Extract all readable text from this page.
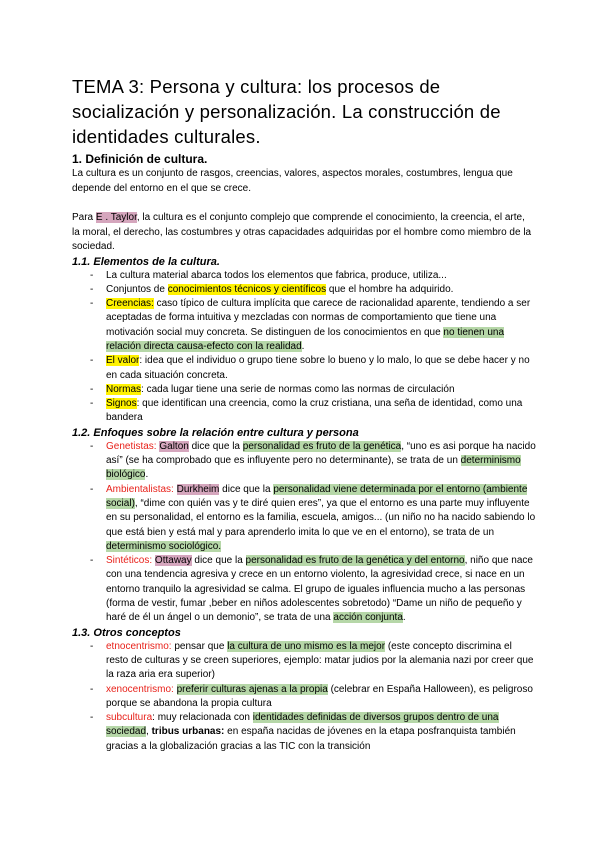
TEMA 3: Persona y cultura: los procesos de socialización y personalización. La construcción de identidades culturales.
1. Definición de cultura.

La cultura es un conjunto de rasgos, creencias, valores, aspectos morales, costumbres, lengua que depende del entorno en el que se crece.

Para E . Taylor, la cultura es el conjunto complejo que comprende el conocimiento, la creencia, el arte, la moral, el derecho, las costumbres y otras capacidades adquiridas por el hombre como miembro de la sociedad.

1.1. Elementos de la cultura.
- La cultura material abarca todos los elementos que fabrica, produce, utiliza...
- Conjuntos de conocimientos técnicos y científicos que el hombre ha adquirido.
- Creencias: caso típico de cultura implícita que carece de racionalidad aparente, tendiendo a ser aceptadas de forma intuitiva y mezcladas con normas de comportamiento que tiene una motivación social muy concreta. Se distinguen de los conocimientos en que no tienen una relación directa causa-efecto con la realidad.
- El valor: idea que el individuo o grupo tiene sobre lo bueno y lo malo, lo que se debe hacer y no en cada situación concreta.
- Normas: cada lugar tiene una serie de normas como las normas de circulación
- Signos: que identifican una creencia, como la cruz cristiana, una seña de identidad, como una bandera
1.2. Enfoques sobre la relación entre cultura y persona
- Genetistas: Galton dice que la personalidad es fruto de la genética, “uno es asi porque ha nacido así” (se ha comprobado que es influyente pero no determinante), se trata de un determinismo biológico.
- Ambientalistas: Durkheim dice que la personalidad viene determinada por el entorno (ambiente social), “dime con quién vas y te diré quien eres”, ya que el entorno es una parte muy influyente en su personalidad, el entorno es la familia, escuela, amigos... (un niño no ha nacido sabiendo lo que está bien y está mal y para aprenderlo imita lo que ve en el entorno), se trata de un determinismo sociológico.
- Sintéticos: Ottaway dice que la personalidad es fruto de la genética y del entorno, niño que nace con una tendencia agresiva y crece en un entorno violento, la agresividad crece, si nace en un entorno tranquilo la agresividad se calma. El grupo de iguales influencia mucho a las personas (forma de vestir, fumar ,beber en niños adolescentes sobretodo) “Dame un niño de pequeño y haré de él un ángel o un demonio”, se trata de una acción conjunta.
1.3. Otros conceptos
- etnocentrismo: pensar que la cultura de uno mismo es la mejor (este concepto discrimina el resto de culturas y se creen superiores, ejemplo: matar judios por la alemania nazi por creer que la raza aria era superior)
- xenocentrismo: preferir culturas ajenas a la propia (celebrar en España Halloween), es peligroso porque se abandona la propia cultura
- subcultura: muy relacionada con identidades definidas de diversos grupos dentro de una sociedad, tribus urbanas: en españa nacidas de jóvenes en la etapa posfranquista también gracias a la globalización gracias a las TIC con la transición
